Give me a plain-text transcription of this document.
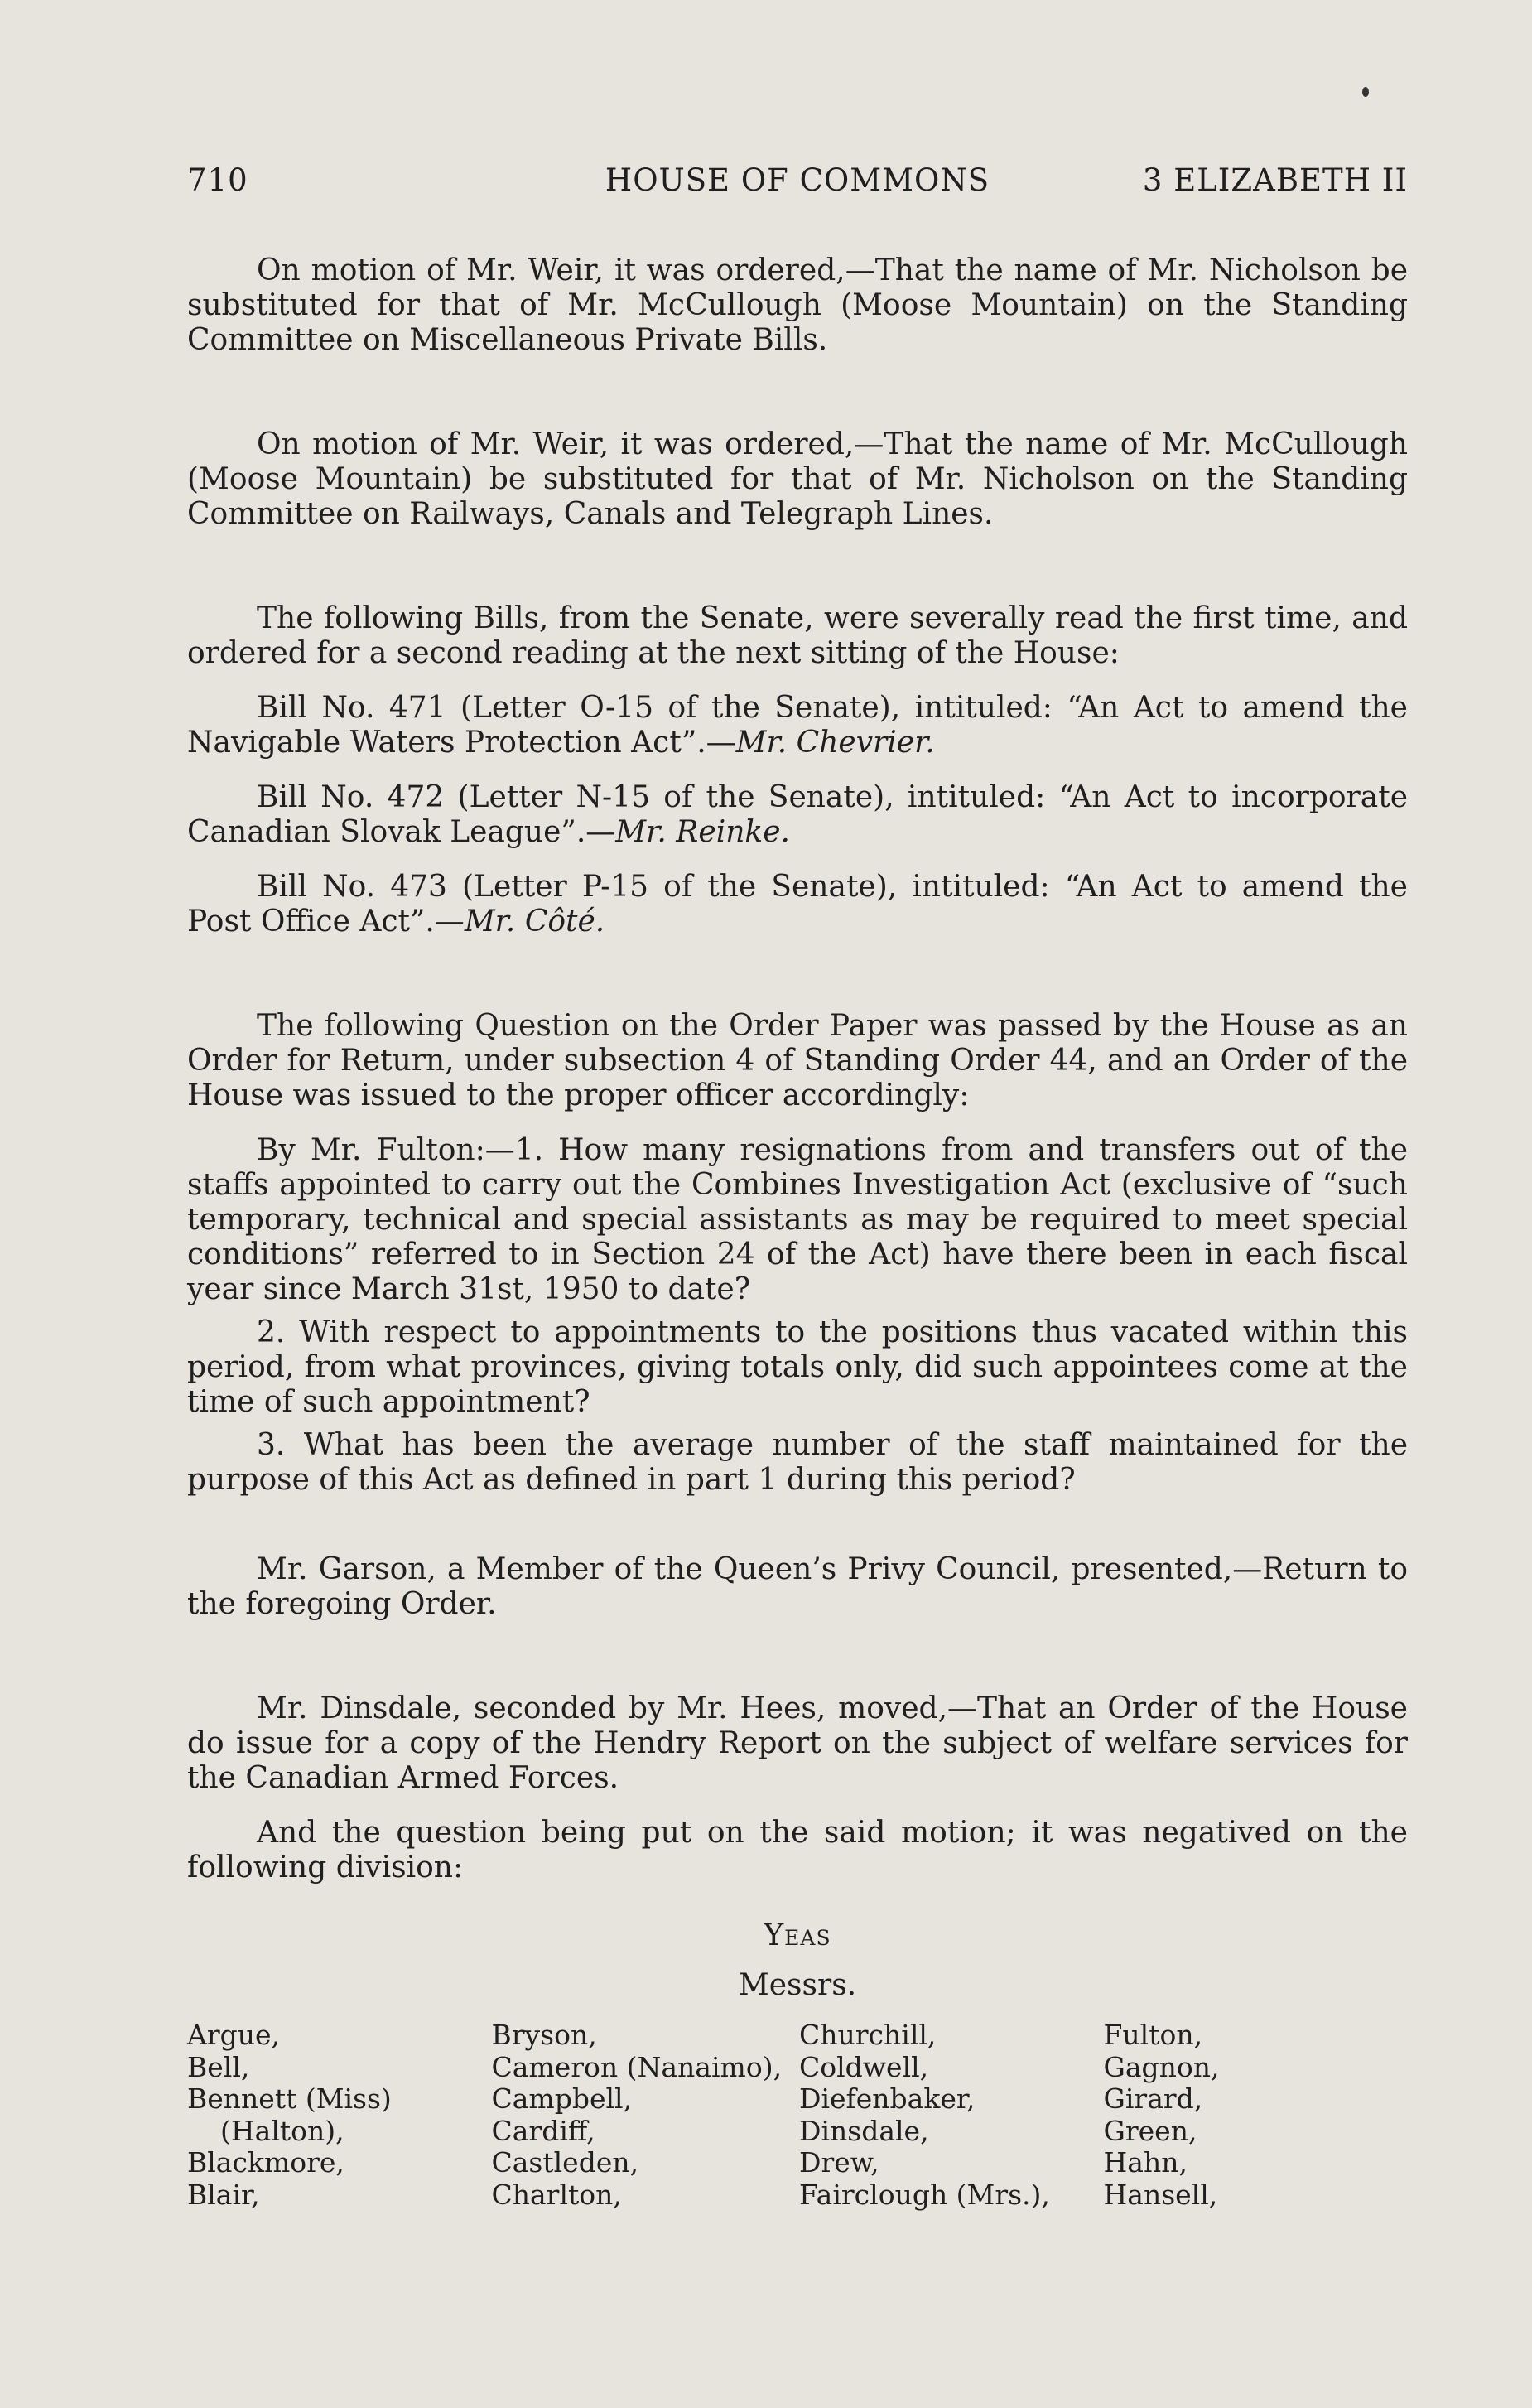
710	HOUSE OF COMMONS	3 ELIZABETH II

On motion of Mr. Weir, it was ordered,—That the name of Mr. Nicholson be substituted for that of Mr. McCullough (Moose Mountain) on the Standing Committee on Miscellaneous Private Bills.

On motion of Mr. Weir, it was ordered,—That the name of Mr. McCullough (Moose Mountain) be substituted for that of Mr. Nicholson on the Standing Committee on Railways, Canals and Telegraph Lines.

The following Bills, from the Senate, were severally read the first time, and ordered for a second reading at the next sitting of the House:

Bill No. 471 (Letter O-15 of the Senate), intituled: “An Act to amend the Navigable Waters Protection Act”.—Mr. Chevrier.

Bill No. 472 (Letter N-15 of the Senate), intituled: “An Act to incorporate Canadian Slovak League”.—Mr. Reinke.

Bill No. 473 (Letter P-15 of the Senate), intituled: “An Act to amend the Post Office Act”.—Mr. Côté.

The following Question on the Order Paper was passed by the House as an Order for Return, under subsection 4 of Standing Order 44, and an Order of the House was issued to the proper officer accordingly:

By Mr. Fulton:—1. How many resignations from and transfers out of the staffs appointed to carry out the Combines Investigation Act (exclusive of “such temporary, technical and special assistants as may be required to meet special conditions” referred to in Section 24 of the Act) have there been in each fiscal year since March 31st, 1950 to date?

2. With respect to appointments to the positions thus vacated within this period, from what provinces, giving totals only, did such appointees come at the time of such appointment?

3. What has been the average number of the staff maintained for the purpose of this Act as defined in part 1 during this period?

Mr. Garson, a Member of the Queen’s Privy Council, presented,—Return to the foregoing Order.

Mr. Dinsdale, seconded by Mr. Hees, moved,—That an Order of the House do issue for a copy of the Hendry Report on the subject of welfare services for the Canadian Armed Forces.

And the question being put on the said motion; it was negatived on the following division:

Yeas

Messrs.

Argue,
Bell,
Bennett (Miss)
(Halton),
Blackmore,
Blair,
Bryson,
Cameron (Nanaimo),
Campbell,
Cardiff,
Castleden,
Charlton,
Churchill,
Coldwell,
Diefenbaker,
Dinsdale,
Drew,
Fairclough (Mrs.),
Fulton,
Gagnon,
Girard,
Green,
Hahn,
Hansell,
